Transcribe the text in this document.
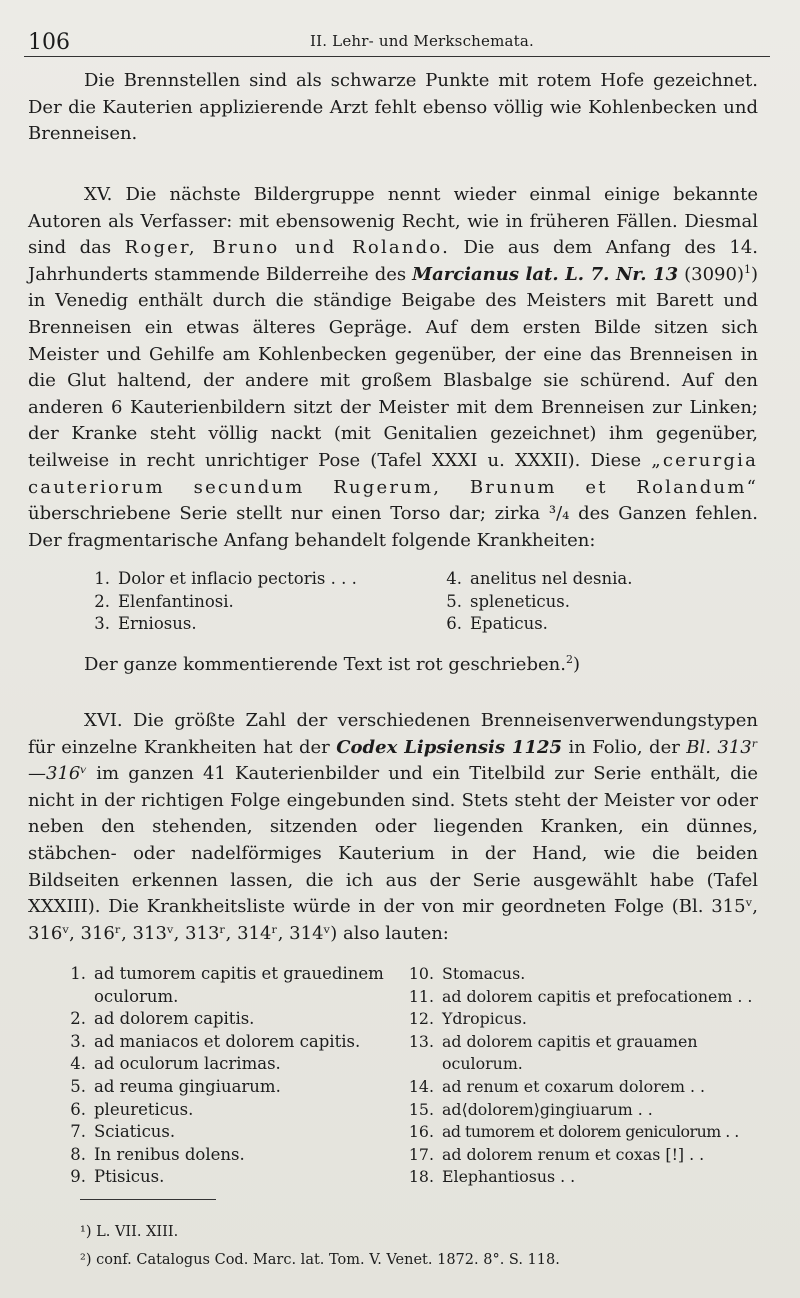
106	II. Lehr- und Merkschemata.
Die Brennstellen sind als schwarze Punkte mit rotem Hofe gezeichnet. Der die Kauterien applizierende Arzt fehlt ebenso völlig wie Kohlenbecken und Brenneisen.
XV. Die nächste Bildergruppe nennt wieder einmal einige bekannte Autoren als Verfasser: mit ebensowenig Recht, wie in früheren Fällen. Diesmal sind das Roger, Bruno und Rolando. Die aus dem Anfang des 14. Jahrhunderts stammende Bilderreihe des Marcianus lat. L. 7. Nr. 13 $(3090)^1$) in Venedig enthält durch die ständige Beigabe des Meisters mit Barett und Brenneisen ein etwas älteres Gepräge. Auf dem ersten Bilde sitzen sich Meister und Gehilfe am Kohlenbecken gegenüber, der eine das Brenneisen in die Glut haltend, der andere mit großem Blasbalge sie schürend. Auf den anderen 6 Kauterienbildern sitzt der Meister mit dem Brenneisen zur Linken; der Kranke steht völlig nackt (mit Genitalien gezeichnet) ihm gegenüber, teilweise in recht unrichtiger Pose (Tafel XXXI u. XXXII). Diese „cerurgia cauteriorum secundum Rugerum, Brunum et Rolandum“ überschriebene Serie stellt nur einen Torso dar; zirka ³/₄ des Ganzen fehlen. Der fragmentarische Anfang behandelt folgende Krankheiten:
1. Dolor et inflacio pectoris . . .
2. Elenfantinosi.
3. Erniosus.
4. anelitus nel desnia.
5. spleneticus.
6. Epaticus.
Der ganze kommentierende Text ist rot geschrieben.$^2$)
XVI. Die größte Zahl der verschiedenen Brenneisenverwendungstypen für einzelne Krankheiten hat der Codex Lipsiensis 1125 in Folio, der Bl. 313ʳ—316ᵛ im ganzen 41 Kauterienbilder und ein Titelbild zur Serie enthält, die nicht in der richtigen Folge eingebunden sind. Stets steht der Meister vor oder neben den stehenden, sitzenden oder liegenden Kranken, ein dünnes, stäbchen- oder nadelförmiges Kauterium in der Hand, wie die beiden Bildseiten erkennen lassen, die ich aus der Serie ausgewählt habe (Tafel XXXIII). Die Krankheitsliste würde in der von mir geordneten Folge (Bl. 315ᵛ, 316ᵛ, 316ʳ, 313ᵛ, 313ʳ, 314ʳ, 314ᵛ) also lauten:
1. ad tumorem capitis et grauedinem
oculorum.
2. ad dolorem capitis.
3. ad maniacos et dolorem capitis.
4. ad oculorum lacrimas.
5. ad reuma gingiuarum.
6. pleureticus.
7. Sciaticus.
8. In renibus dolens.
9. Ptisicus.
10. Stomacus.
11. ad dolorem capitis et prefocationem . .
12. Ydropicus.
13. ad dolorem capitis et grauamen
oculorum.
14. ad renum et coxarum dolorem . .
15. ad⟨dolorem⟩gingiuarum . .
16. ad tumorem et dolorem geniculorum . .
17. ad dolorem renum et coxas [!] . .
18. Elephantiosus . .
¹) L. VII. XIII.
²) conf. Catalogus Cod. Marc. lat. Tom. V. Venet. 1872. 8°. S. 118.
